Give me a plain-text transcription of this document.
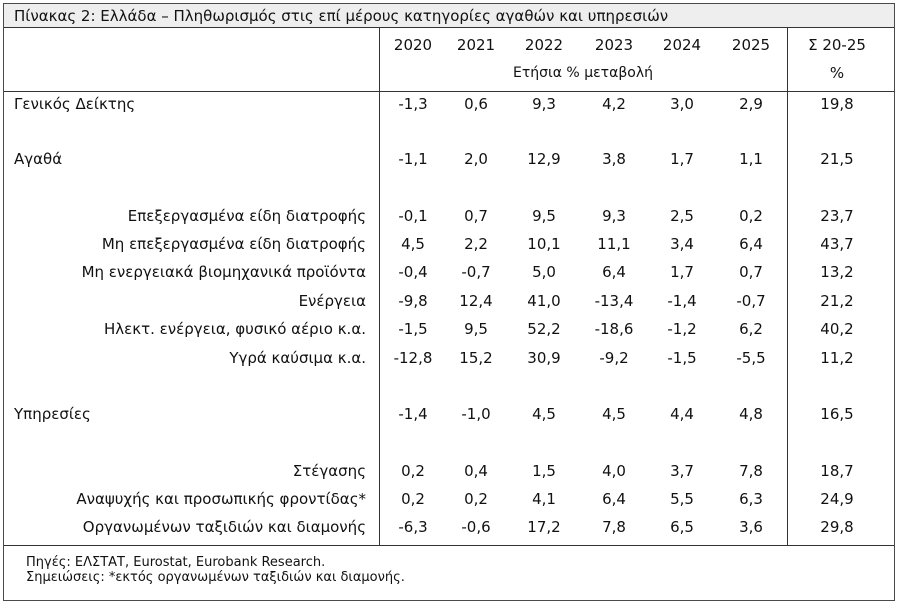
Πίνακας 2: Ελλάδα – Πληθωρισμός στις επί μέρους κατηγορίες αγαθών και υπηρεσιών
2020	2021	2022	2023	2024	2025	Σ 20-25
Ετήσια % μεταβολή	%
Γενικός Δείκτης	-1,3	0,6	9,3	4,2	3,0	2,9	19,8
Αγαθά	-1,1	2,0	12,9	3,8	1,7	1,1	21,5
Επεξεργασμένα είδη διατροφής	-0,1	0,7	9,5	9,3	2,5	0,2	23,7
Μη επεξεργασμένα είδη διατροφής	4,5	2,2	10,1	11,1	3,4	6,4	43,7
Μη ενεργειακά βιομηχανικά προϊόντα	-0,4	-0,7	5,0	6,4	1,7	0,7	13,2
Ενέργεια	-9,8	12,4	41,0	-13,4	-1,4	-0,7	21,2
Ηλεκτ. ενέργεια, φυσικό αέριο κ.α.	-1,5	9,5	52,2	-18,6	-1,2	6,2	40,2
Υγρά καύσιμα κ.α.	-12,8	15,2	30,9	-9,2	-1,5	-5,5	11,2
Υπηρεσίες	-1,4	-1,0	4,5	4,5	4,4	4,8	16,5
Στέγασης	0,2	0,4	1,5	4,0	3,7	7,8	18,7
Αναψυχής και προσωπικής φροντίδας*	0,2	0,2	4,1	6,4	5,5	6,3	24,9
Οργανωμένων ταξιδιών και διαμονής	-6,3	-0,6	17,2	7,8	6,5	3,6	29,8
Πηγές: ΕΛΣΤΑΤ, Eurostat, Eurobank Research.
Σημειώσεις: *εκτός οργανωμένων ταξιδιών και διαμονής.
